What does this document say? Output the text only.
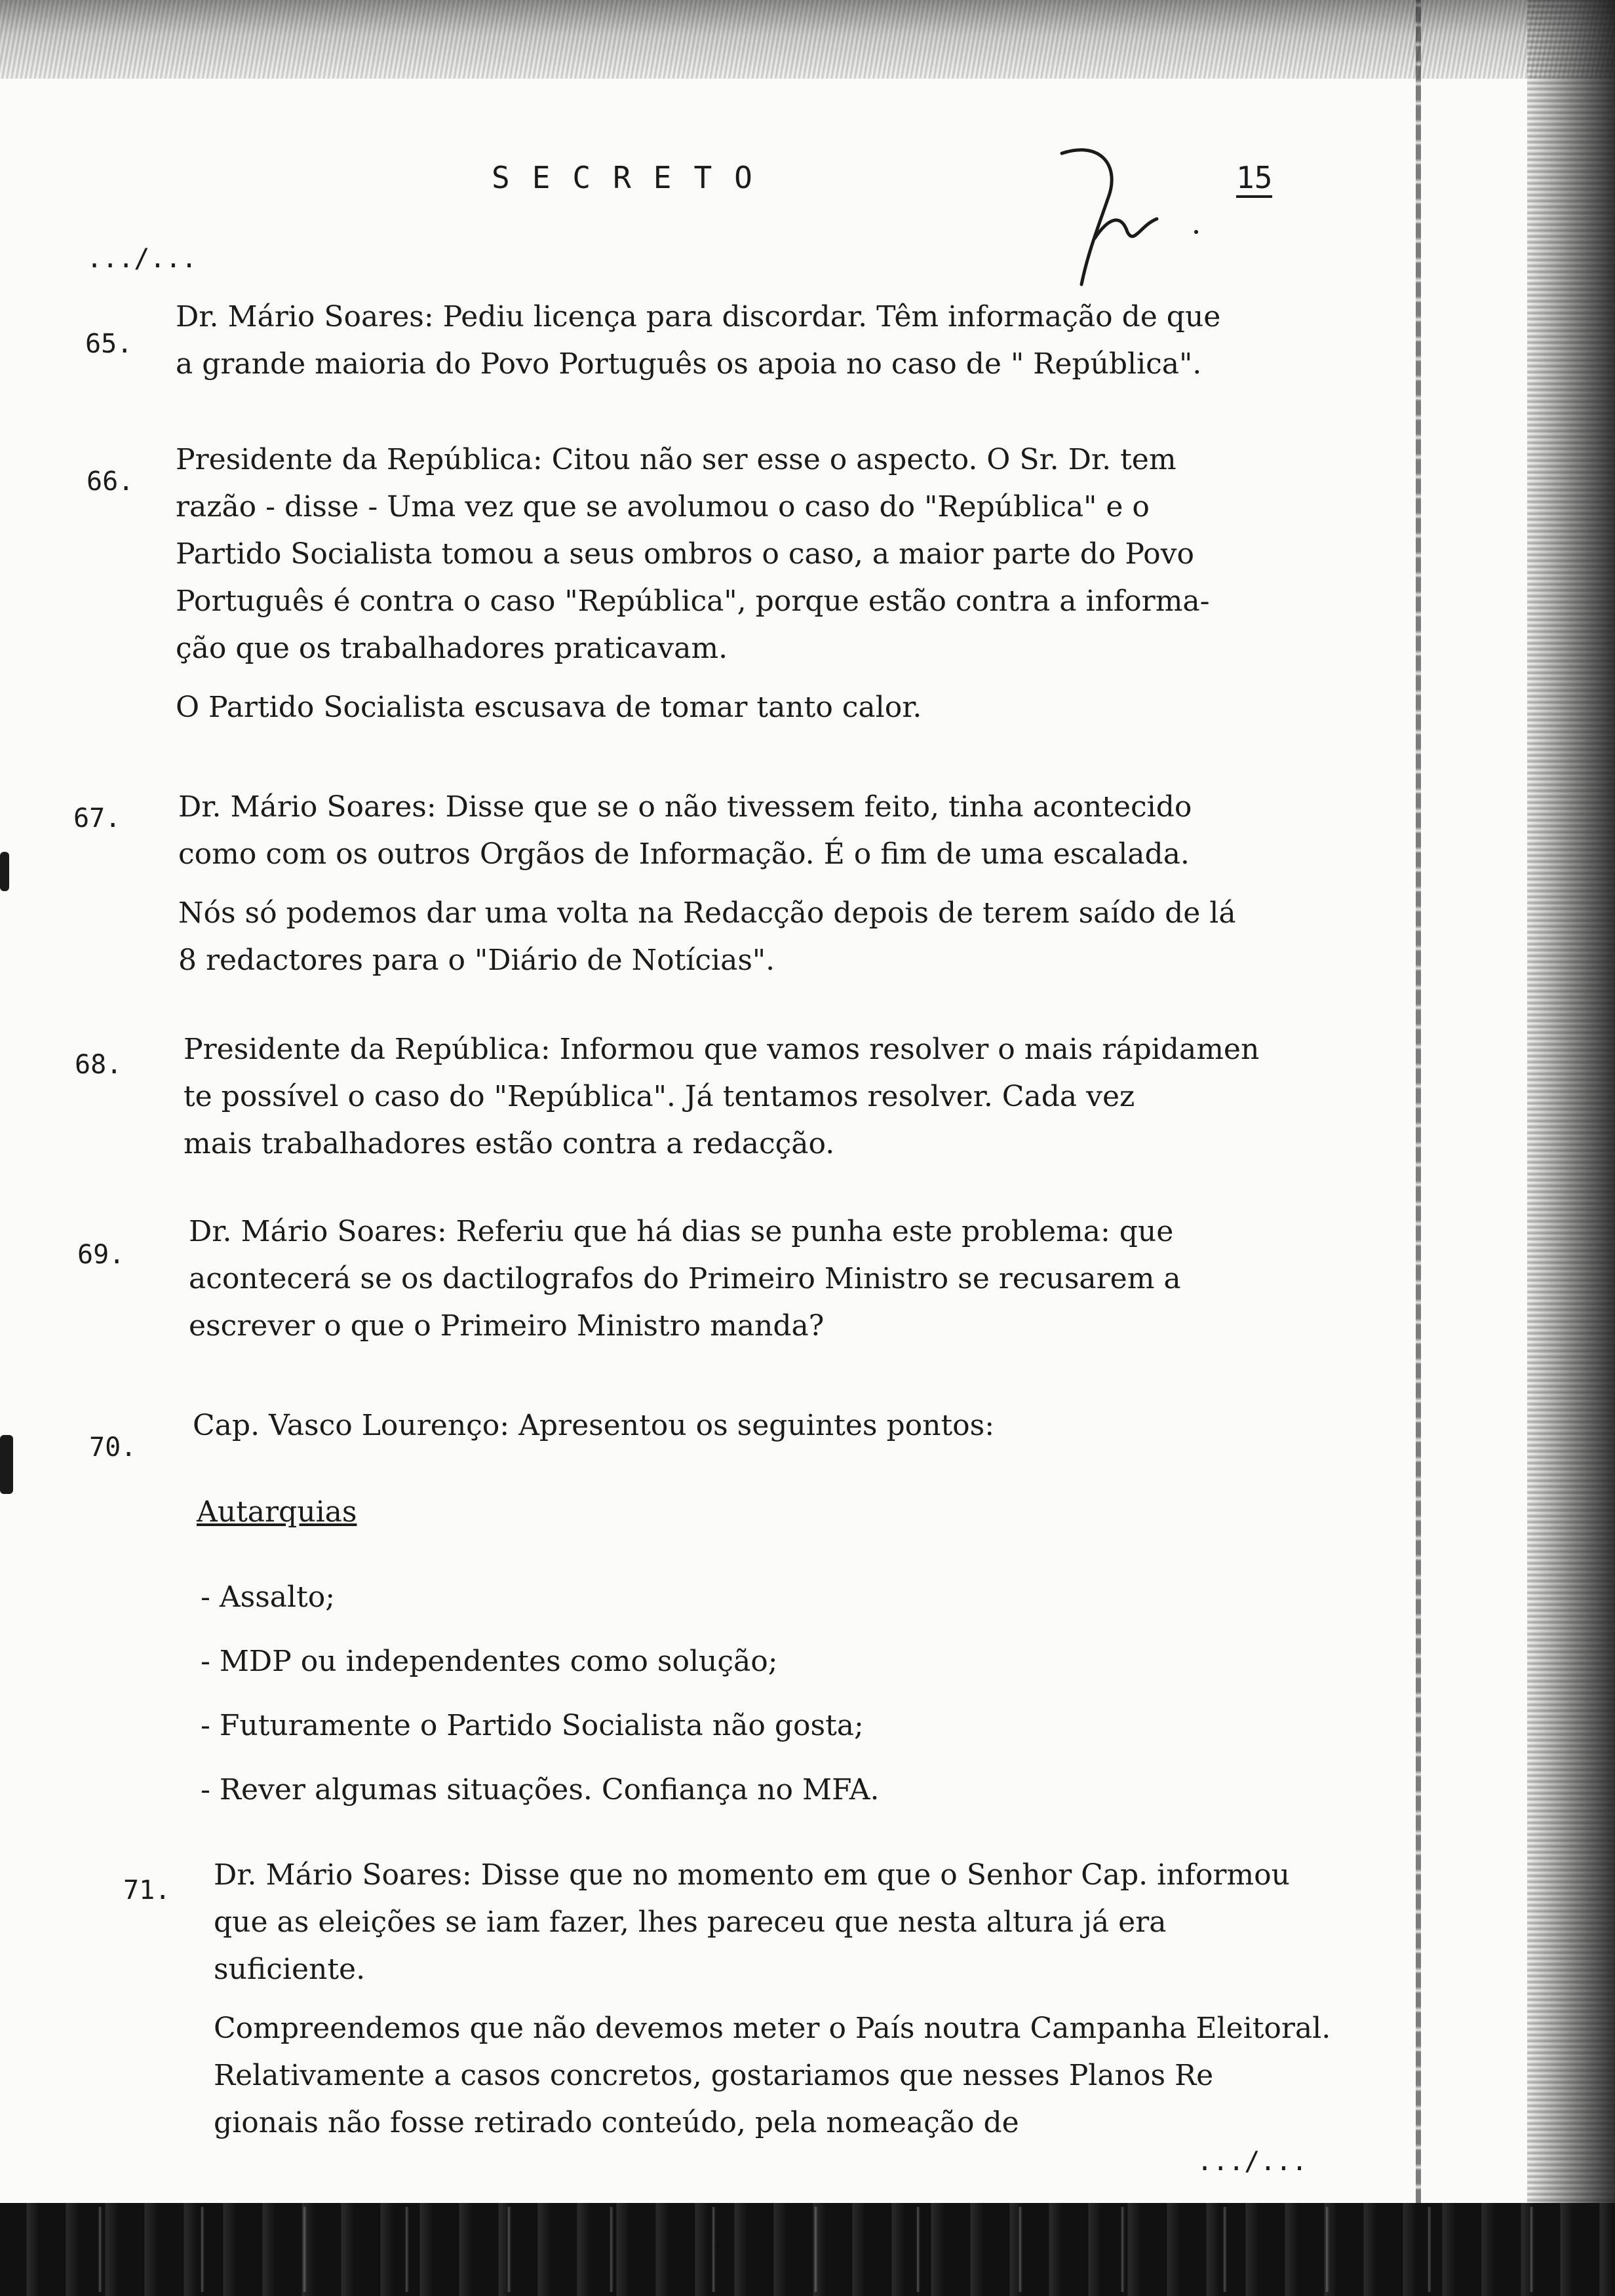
SECRETO	15
.../...
65.
Dr. Mário Soares: Pediu licença para discordar. Têm informação de que
a grande maioria do Povo Português os apoia no caso de " República".
66.
Presidente da República: Citou não ser esse o aspecto. O Sr. Dr. tem
razão - disse - Uma vez que se avolumou o caso do "República" e o
Partido Socialista tomou a seus ombros o caso, a maior parte do Povo
Português é contra o caso "República", porque estão contra a informa-
ção que os trabalhadores praticavam.
O Partido Socialista escusava de tomar tanto calor.
67. Dr. Mário Soares: Disse que se o não tivessem feito, tinha acontecido
como com os outros Orgãos de Informação. É o fim de uma escalada.
Nós só podemos dar uma volta na Redacção depois de terem saído de lá
8 redactores para o "Diário de Notícias".
68. Presidente da República: Informou que vamos resolver o mais rápidamen
te possível o caso do "República". Já tentamos resolver. Cada vez
mais trabalhadores estão contra a redacção.
69.
Dr. Mário Soares: Referiu que há dias se punha este problema: que
acontecerá se os dactilografos do Primeiro Ministro se recusarem a
escrever o que o Primeiro Ministro manda?
70.
Cap. Vasco Lourenço: Apresentou os seguintes pontos:
Autarquias
- Assalto;
- MDP ou independentes como solução;
- Futuramente o Partido Socialista não gosta;
- Rever algumas situações. Confiança no MFA.
71. Dr. Mário Soares: Disse que no momento em que o Senhor Cap. informou
que as eleições se iam fazer, lhes pareceu que nesta altura já era
suficiente.
Compreendemos que não devemos meter o País noutra Campanha Eleitoral.
Relativamente a casos concretos, gostariamos que nesses Planos Re
gionais não fosse retirado conteúdo, pela nomeação de
.../...
